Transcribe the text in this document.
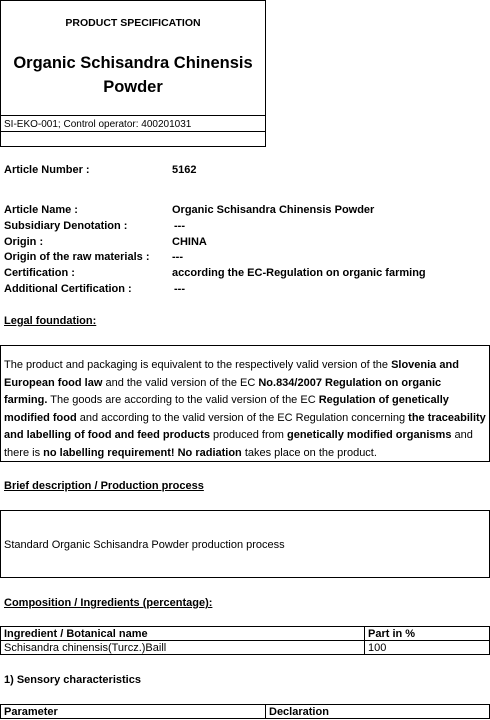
PRODUCT SPECIFICATION
Organic Schisandra Chinensis Powder
SI-EKO-001; Control operator: 400201031
Article Number :	5162
Article Name :	Organic Schisandra Chinensis Powder
Subsidiary Denotation :	---
Origin :	CHINA
Origin of the raw materials : ---
Certification :	according the EC-Regulation on organic farming
Additional Certification :	---
Legal foundation:
The product and packaging is equivalent to the respectively valid version of the Slovenia and European food law and the valid version of the EC No.834/2007 Regulation on organic farming. The goods are according to the valid version of the EC Regulation of genetically modified food and according to the valid version of the EC Regulation concerning the traceability and labelling of food and feed products produced from genetically modified organisms and there is no labelling requirement! No radiation takes place on the product.
Brief description / Production process
Standard Organic Schisandra Powder production process
Composition / Ingredients (percentage):
Ingredient / Botanical name	Part in %
Schisandra chinensis(Turcz.)Baill	100
1) Sensory characteristics
Parameter	Declaration
